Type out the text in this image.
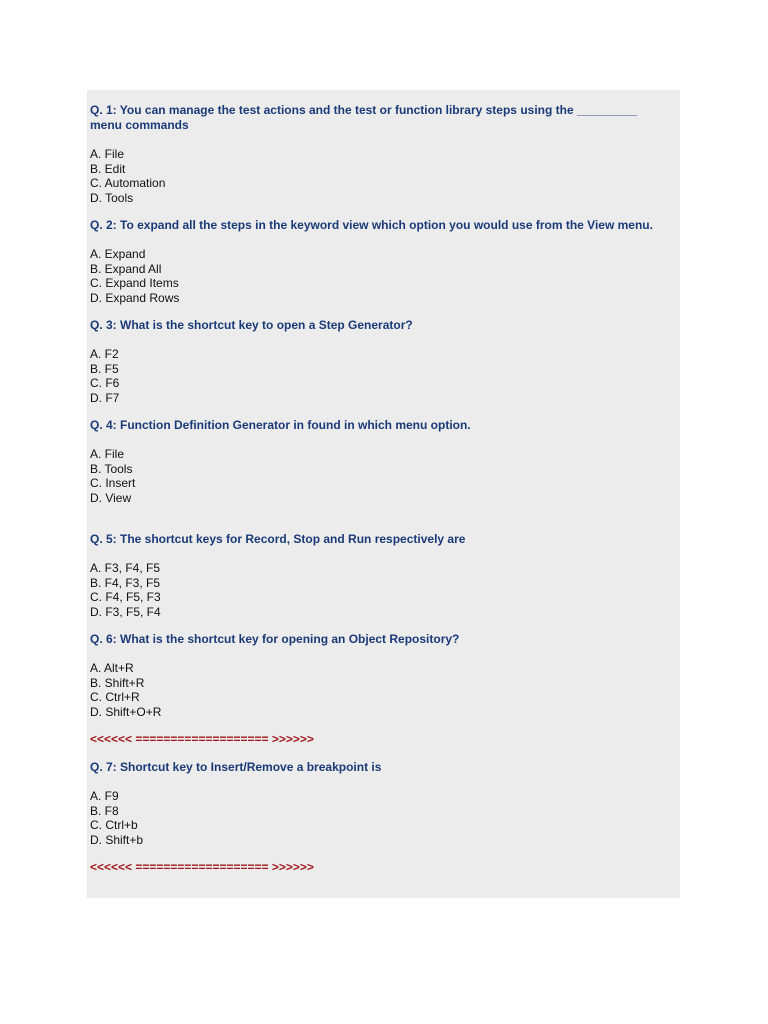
Q. 1: You can manage the test actions and the test or function library steps using the _________ menu commands

A. File
B. Edit
C. Automation
D. Tools

Q. 2: To expand all the steps in the keyword view which option you would use from the View menu.

A. Expand
B. Expand All
C. Expand Items
D. Expand Rows

Q. 3: What is the shortcut key to open a Step Generator?

A. F2
B. F5
C. F6
D. F7

Q. 4: Function Definition Generator in found in which menu option.

A. File
B. Tools
C. Insert
D. View

Q. 5: The shortcut keys for Record, Stop and Run respectively are

A. F3, F4, F5
B. F4, F3, F5
C. F4, F5, F3
D. F3, F5, F4

Q. 6: What is the shortcut key for opening an Object Repository?

A. Alt+R
B. Shift+R
C. Ctrl+R
D. Shift+O+R

<<<<<< =================== >>>>>>

Q. 7: Shortcut key to Insert/Remove a breakpoint is

A. F9
B. F8
C. Ctrl+b
D. Shift+b

<<<<<< =================== >>>>>>
